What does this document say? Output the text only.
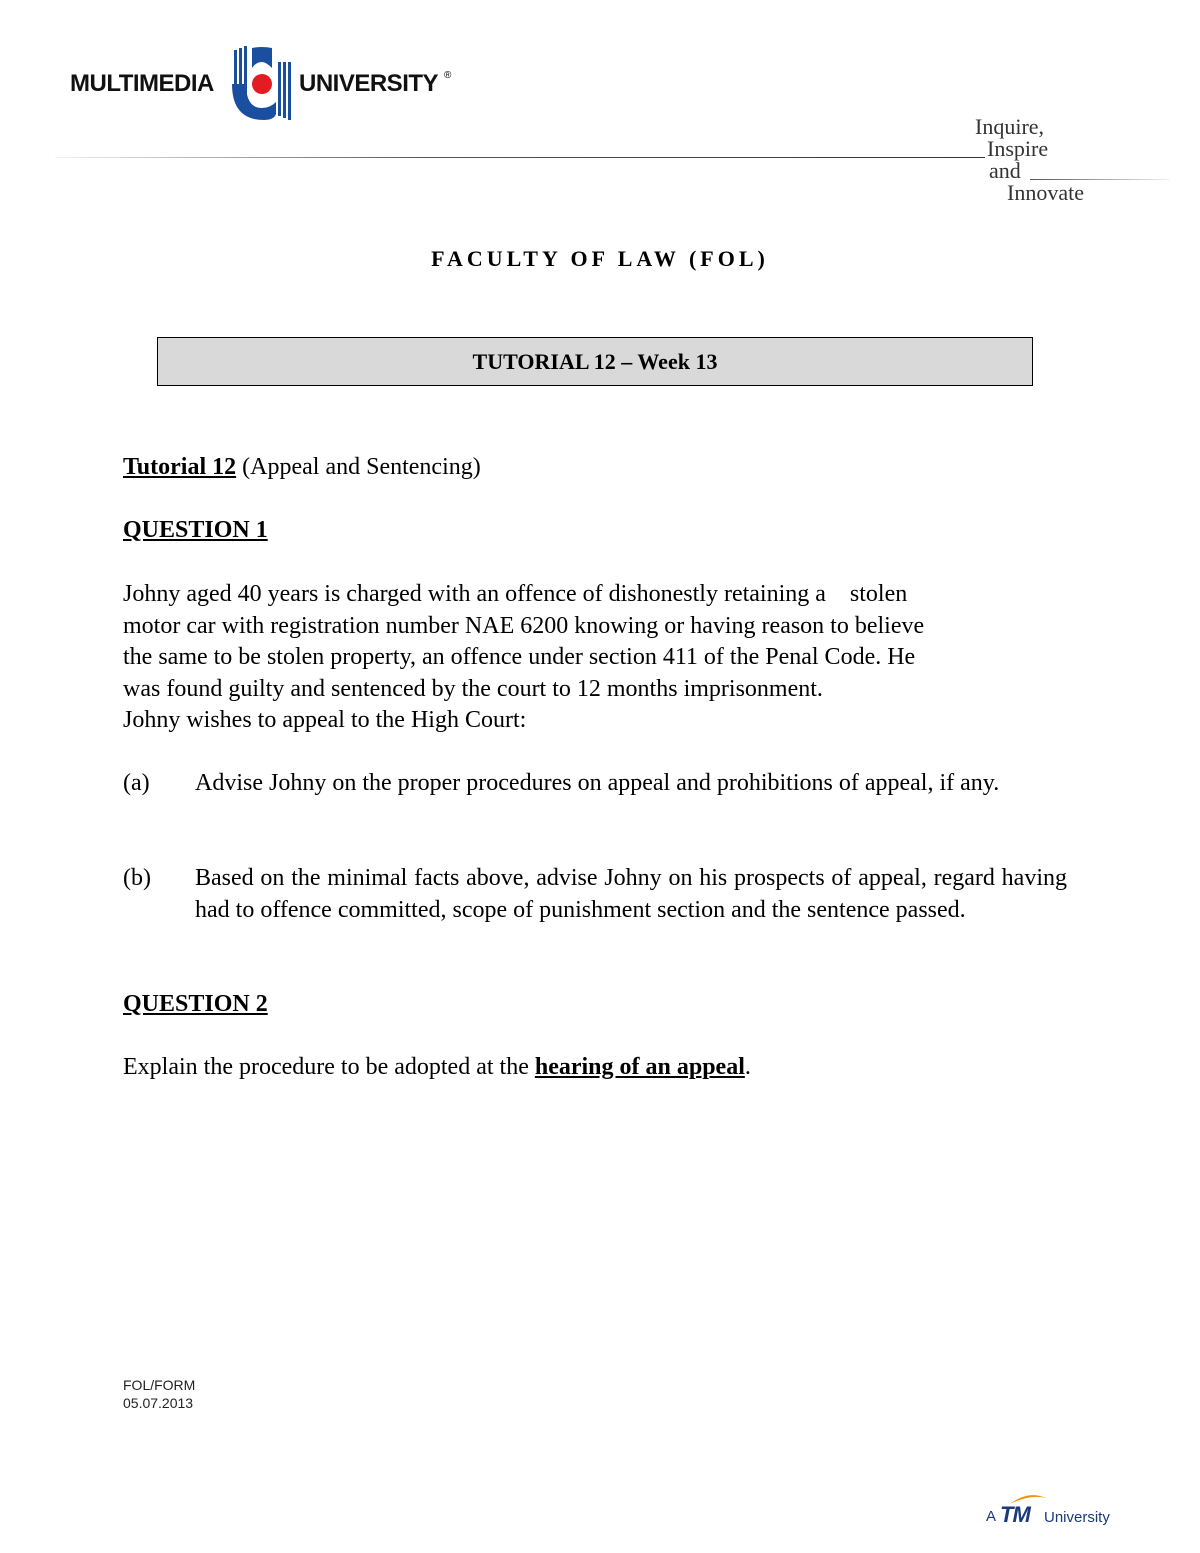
MULTIMEDIA	UNIVERSITY ®
Inquire,
Inspire
and
Innovate
FACULTY OF LAW (FOL)
TUTORIAL 12 – Week 13
Tutorial 12 (Appeal and Sentencing)
QUESTION 1
Johny aged 40 years is charged with an offence of dishonestly retaining a    stolen
motor car with registration number NAE 6200 knowing or having reason to believe
the same to be stolen property, an offence under section 411 of the Penal Code. He
was found guilty and sentenced by the court to 12 months imprisonment.
Johny wishes to appeal to the High Court:
(a) Advise Johny on the proper procedures on appeal and prohibitions of appeal, if any.
(b) Based on the minimal facts above, advise Johny on his prospects of appeal, regard having had to offence committed, scope of punishment section and the sentence passed.
QUESTION 2
Explain the procedure to be adopted at the hearing of an appeal.
FOL/FORM
05.07.2013
A TM University
